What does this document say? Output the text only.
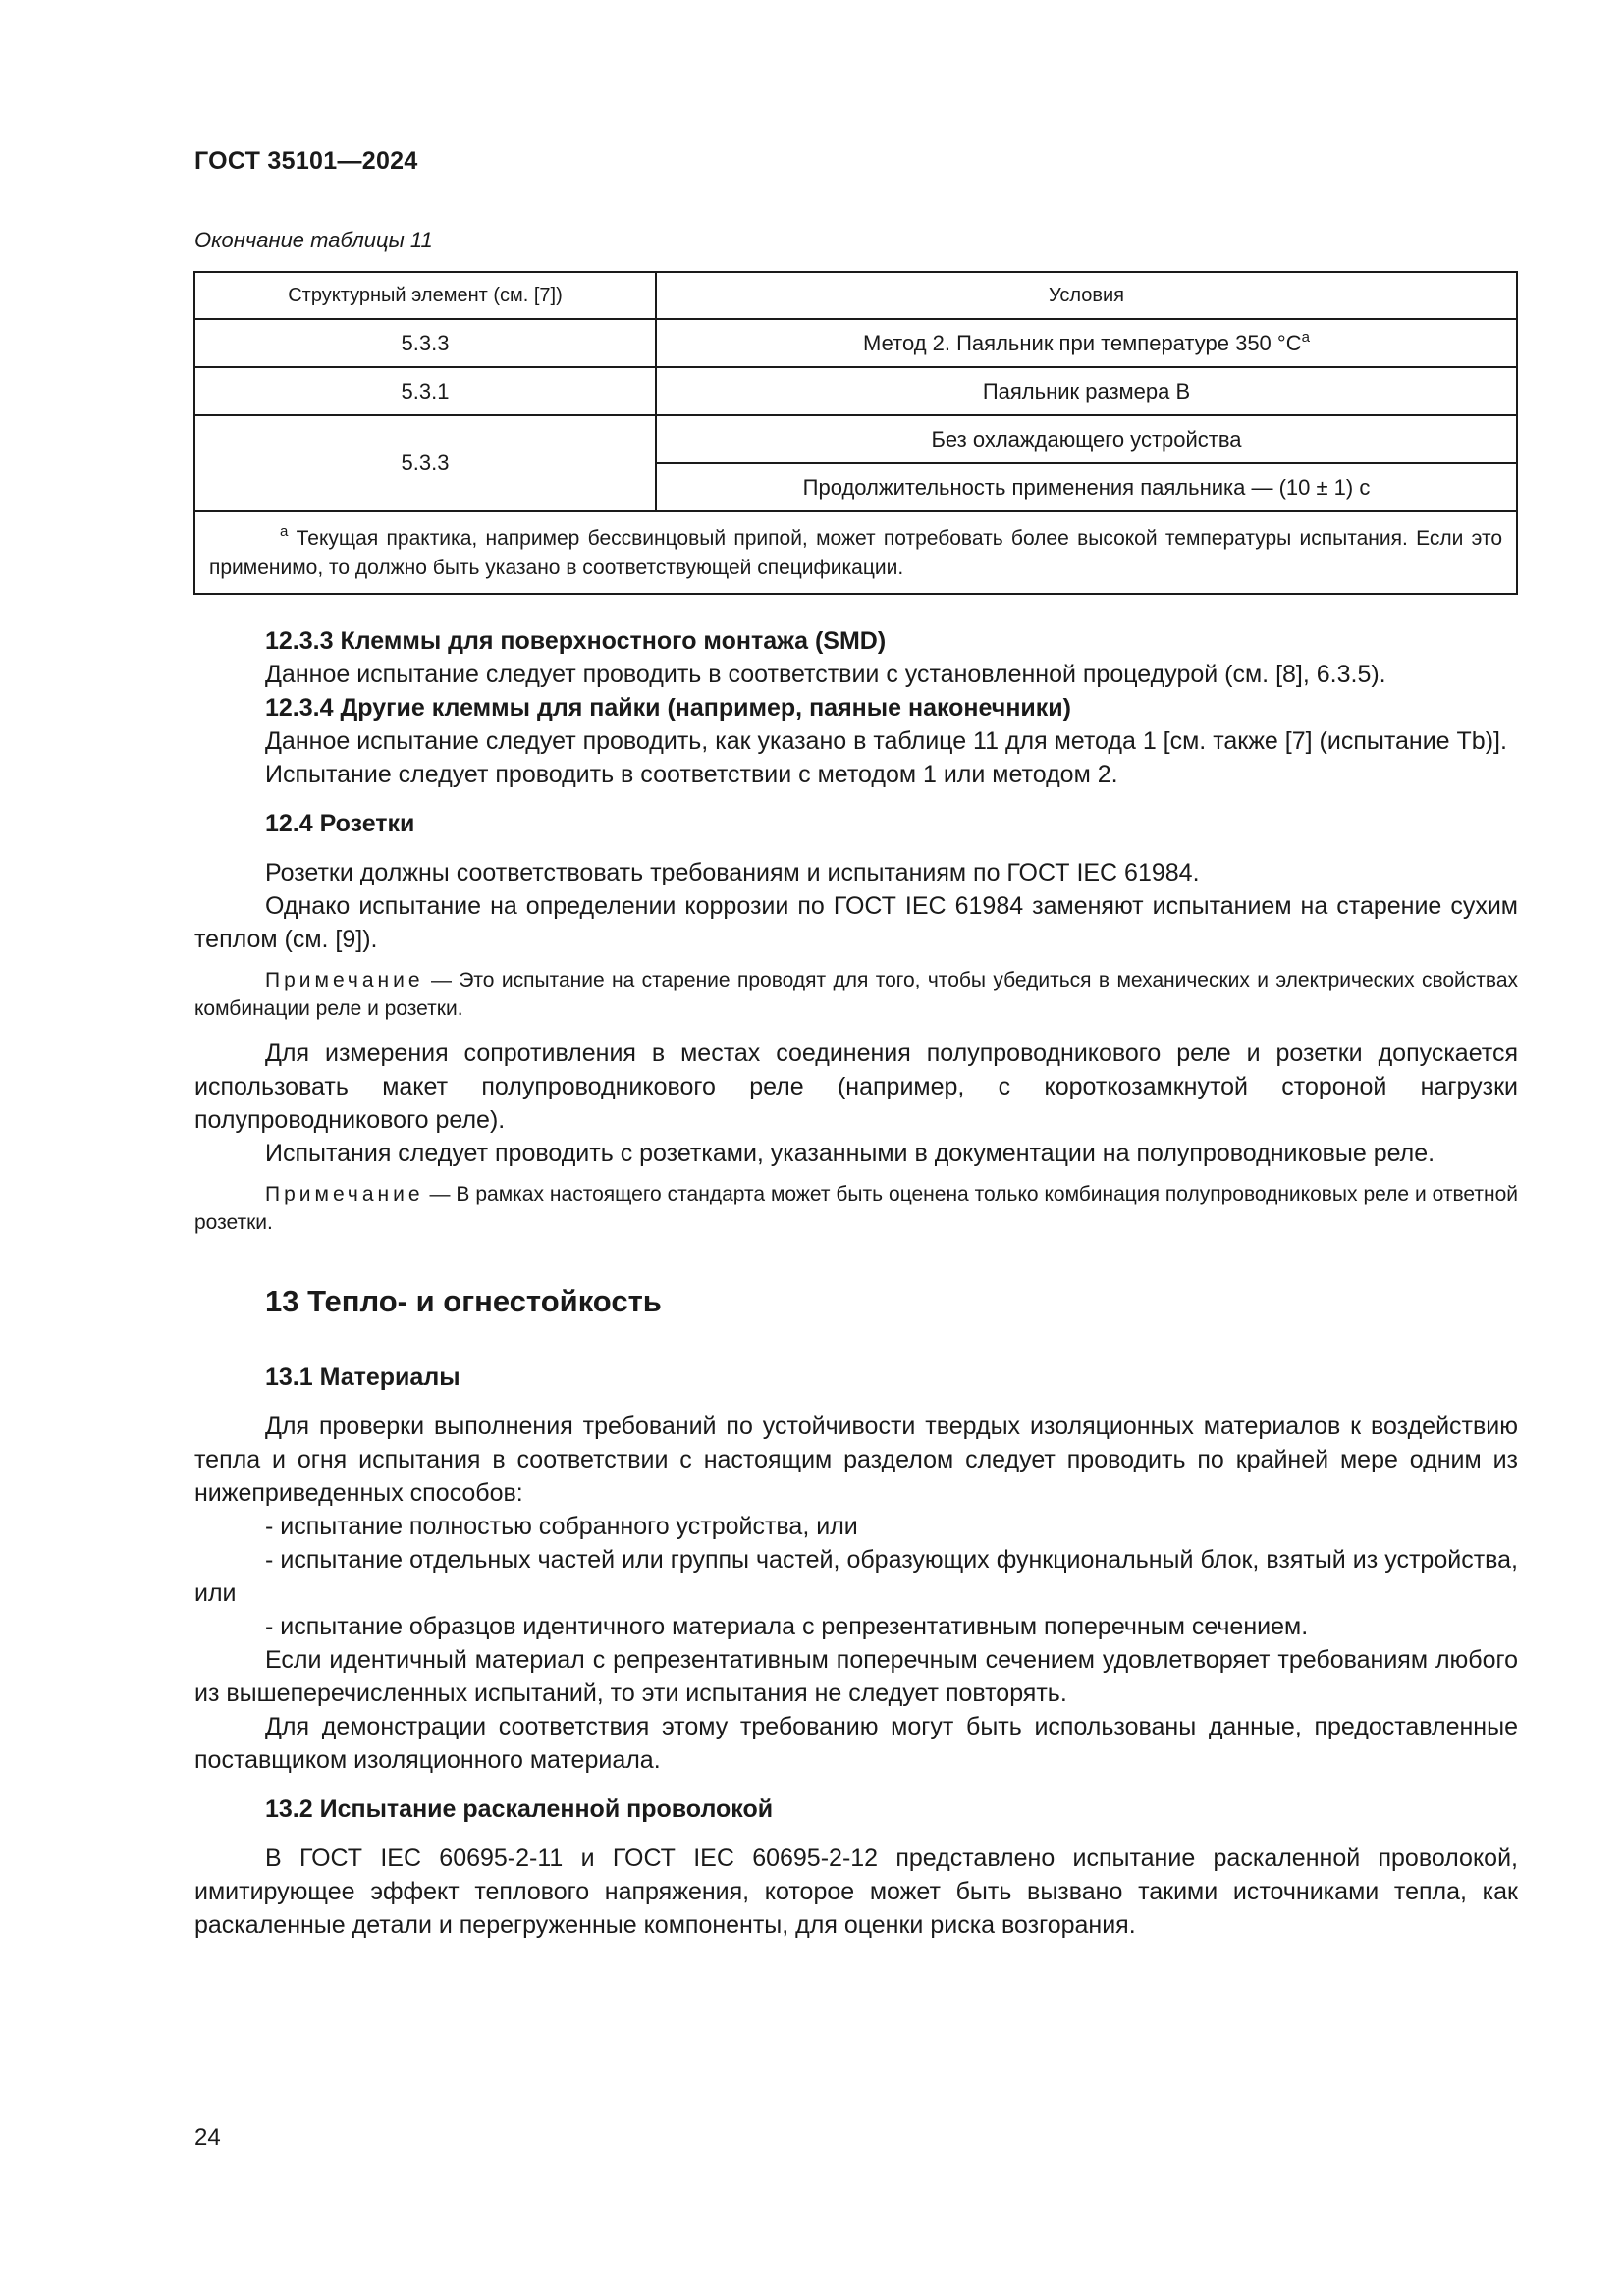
ГОСТ 35101—2024
Окончание таблицы 11
Структурный элемент (см. [7])	Условия
5.3.3	Метод 2. Паяльник при температуре 350 $^\circ С^a$
5.3.1	Паяльник размера В
5.3.3	Без охлаждающего устройства
	Продолжительность применения паяльника — (10 ± 1) с
$^a$ Текущая практика, например бессвинцовый припой, может потребовать более высокой температуры испытания. Если это применимо, то должно быть указано в соответствующей спецификации.	
12.3.3 Клеммы для поверхностного монтажа (SMD)

Данное испытание следует проводить в соответствии с установленной процедурой (см. [8], 6.3.5).

12.3.4 Другие клеммы для пайки (например, паяные наконечники)

Данное испытание следует проводить, как указано в таблице 11 для метода 1 [см. также [7] (испытание Tb)].

Испытание следует проводить в соответствии с методом 1 или методом 2.

12.4 Розетки

Розетки должны соответствовать требованиям и испытаниям по ГОСТ IEC 61984.

Однако испытание на определении коррозии по ГОСТ IEC 61984 заменяют испытанием на старение сухим теплом (см. [9]).

Примечание — Это испытание на старение проводят для того, чтобы убедиться в механических и электрических свойствах комбинации реле и розетки.

Для измерения сопротивления в местах соединения полупроводникового реле и розетки допускается использовать макет полупроводникового реле (например, с короткозамкнутой стороной нагрузки полупроводникового реле).

Испытания следует проводить с розетками, указанными в документации на полупроводниковые реле.

Примечание — В рамках настоящего стандарта может быть оценена только комбинация полупроводниковых реле и ответной розетки.
13 Тепло- и огнестойкость
13.1 Материалы

Для проверки выполнения требований по устойчивости твердых изоляционных материалов к воздействию тепла и огня испытания в соответствии с настоящим разделом следует проводить по крайней мере одним из нижеприведенных способов:

- испытание полностью собранного устройства, или

- испытание отдельных частей или группы частей, образующих функциональный блок, взятый из устройства, или

- испытание образцов идентичного материала с репрезентативным поперечным сечением.

Если идентичный материал с репрезентативным поперечным сечением удовлетворяет требованиям любого из вышеперечисленных испытаний, то эти испытания не следует повторять.

Для демонстрации соответствия этому требованию могут быть использованы данные, предоставленные поставщиком изоляционного материала.

13.2 Испытание раскаленной проволокой

В ГОСТ IEC 60695-2-11 и ГОСТ IEC 60695-2-12 представлено испытание раскаленной проволокой, имитирующее эффект теплового напряжения, которое может быть вызвано такими источниками тепла, как раскаленные детали и перегруженные компоненты, для оценки риска возгорания.

24
